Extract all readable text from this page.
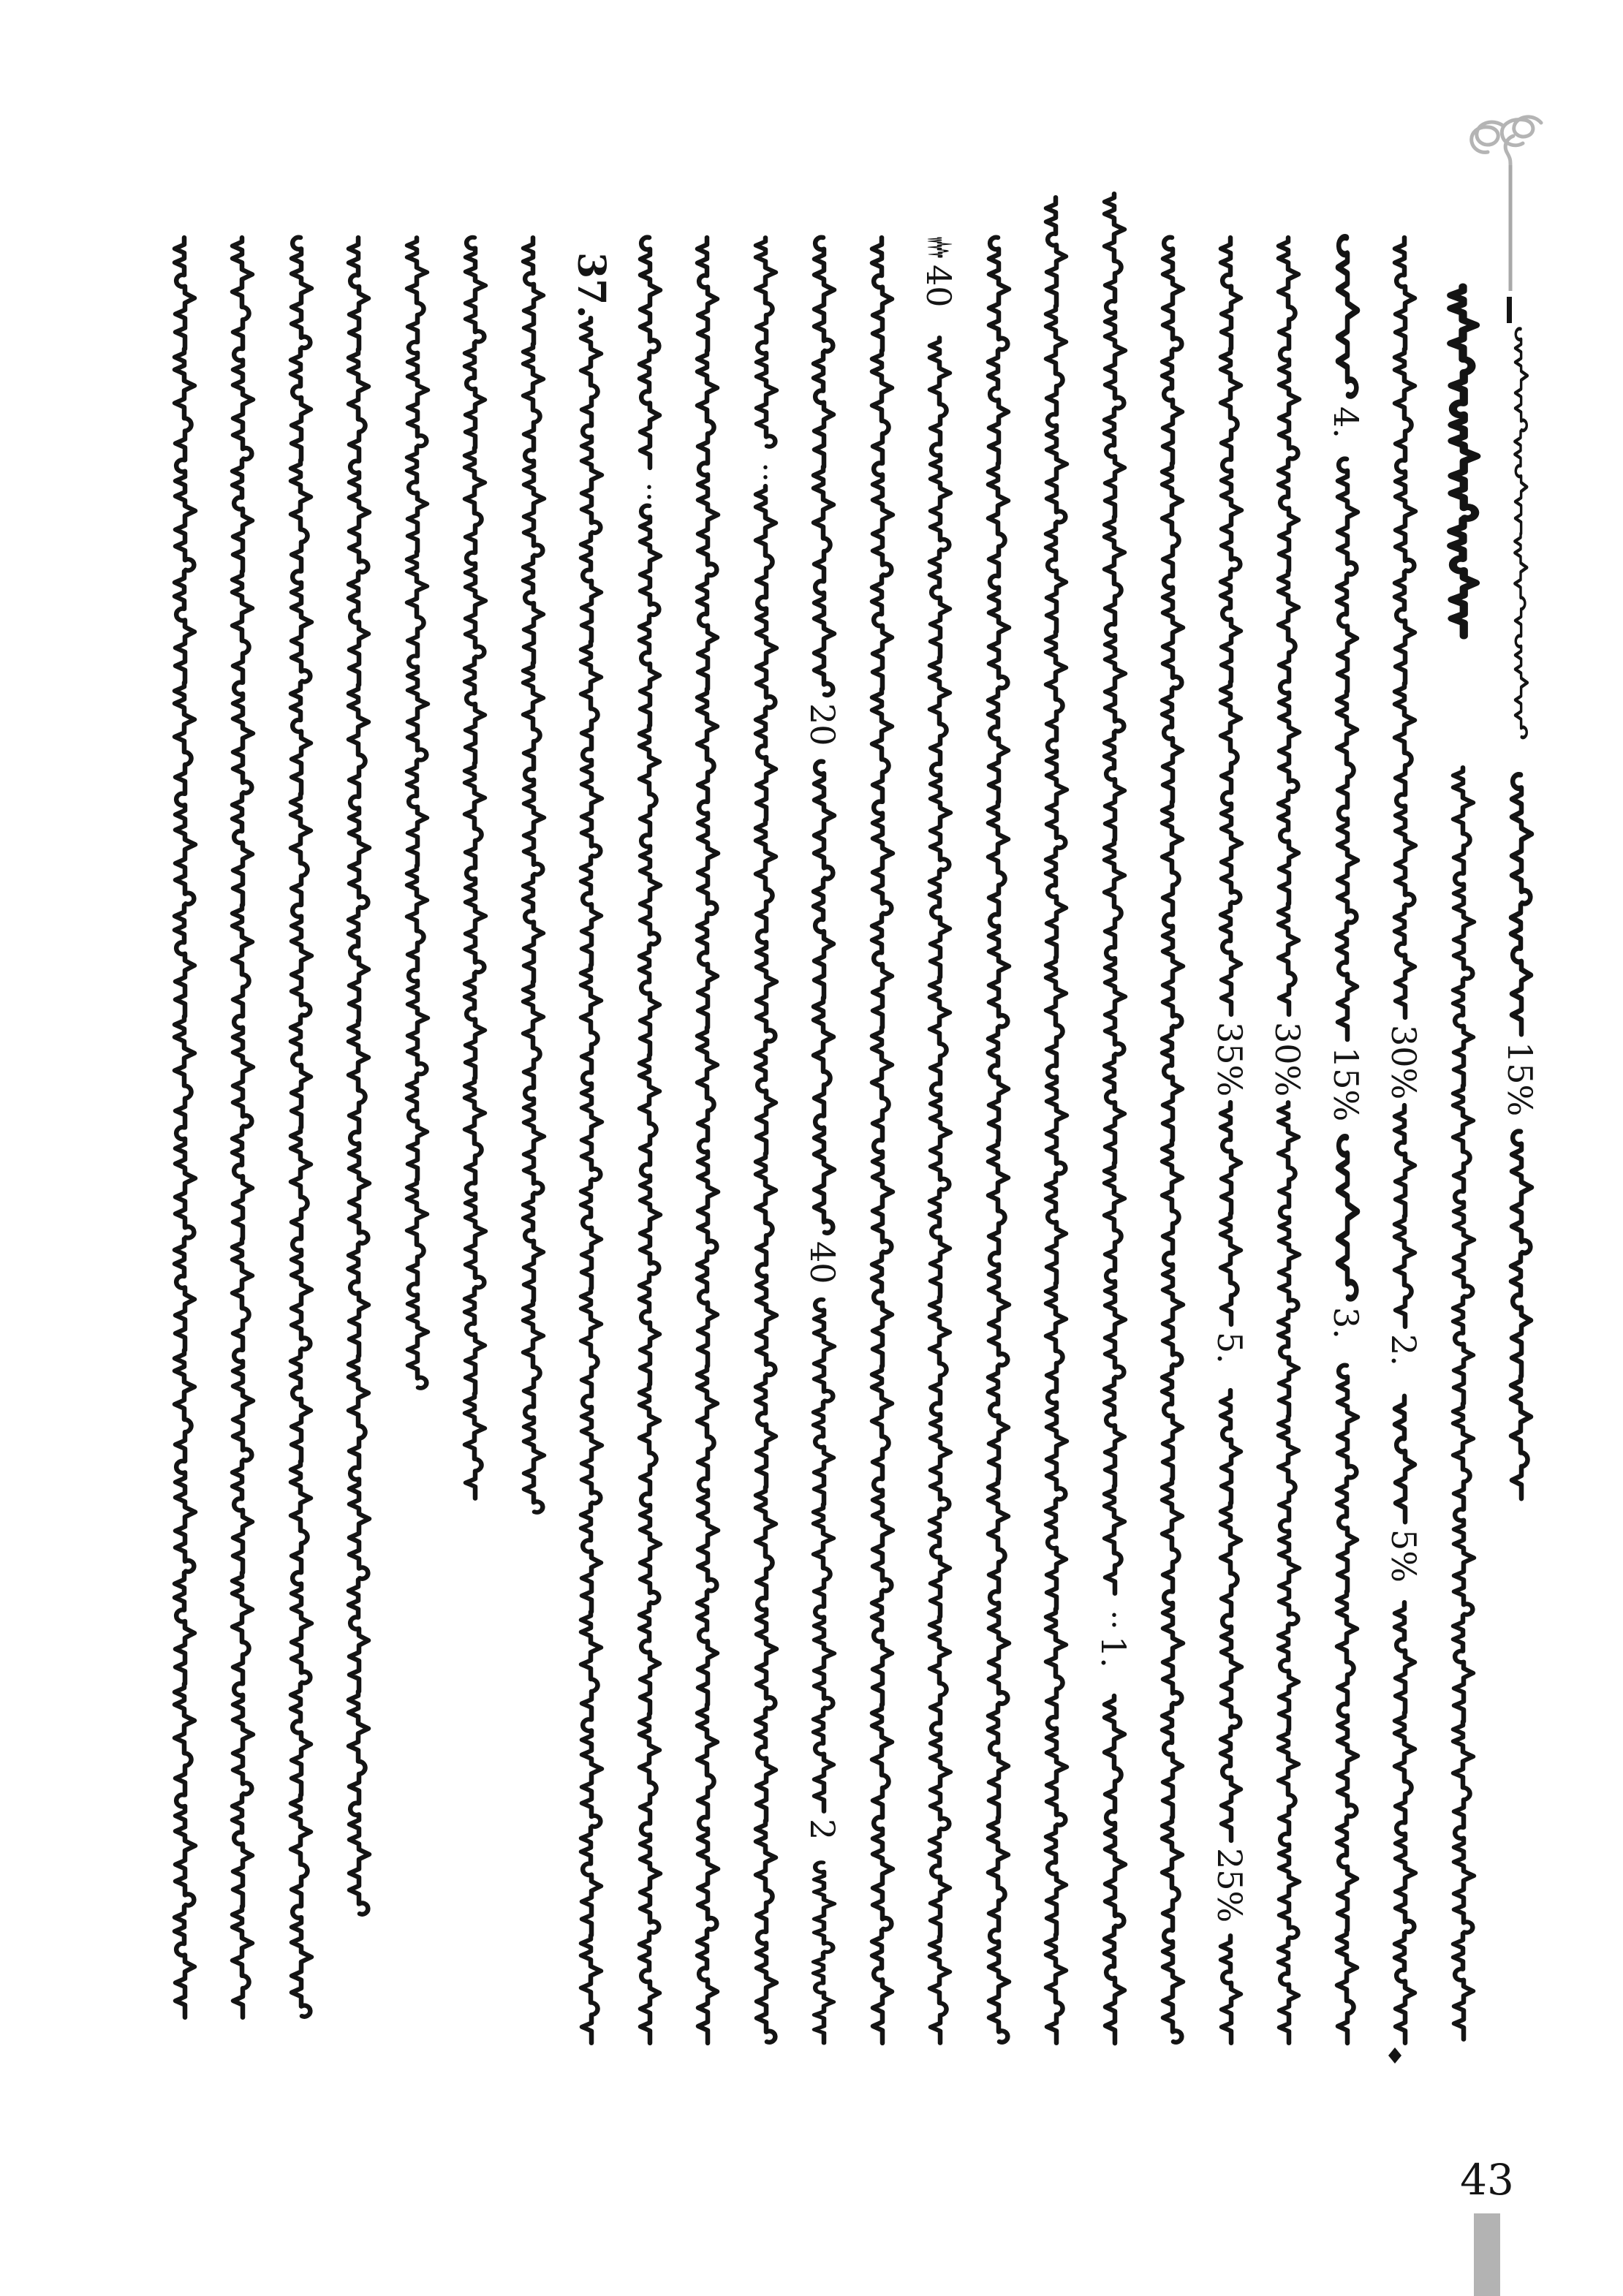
37.	40
4.
:
:
20
40
35% 30% 15% 30% 15%
3.
2.
5.
5%
:
1.
25%
2
43
